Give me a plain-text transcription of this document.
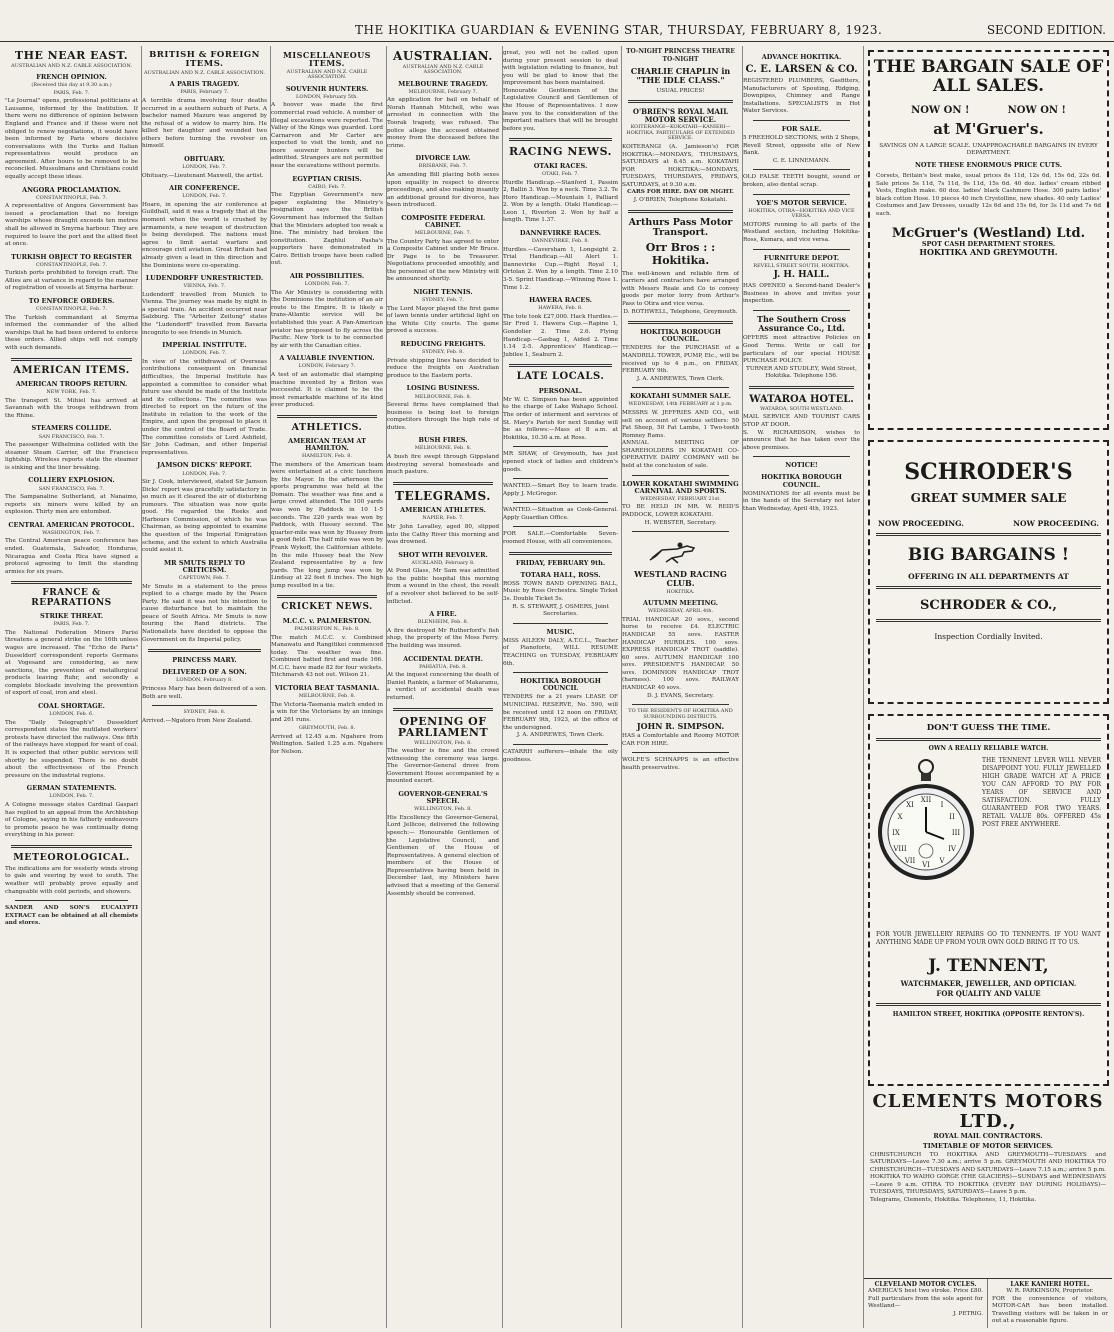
THE HOKITIKA GUARDIAN & EVENING STAR, THURSDAY, FEBRUARY 8, 1923.	SECOND EDITION.
THE NEAR EAST.
AUSTRALIAN AND N.Z. CABLE ASSOCIATION.
FRENCH OPINION.
(Received this day at 9.30 a.m.)
PARIS, Feb. 7.
"Le Journal" opens, professional politicians at Lausanne, informed by the Institution. If there were no difference of opinion between England and France and if these were not obliged to renew negotiations, it would have been informed by Paris where decisive conversations with the Turks and Italian representatives would produce an agreement. After hours to be removed to be reconciled. Mussulmans and Christians could equally accept these ideas.
ANGORA PROCLAMATION.
CONSTANTINOPLE, Feb. 7.
A representative of Angora Government has issued a proclamation that no foreign warships whose draught exceeds ten metres shall be allowed in Smyrna harbour. They are required to leave the port and the allied fleet at once.
TURKISH OBJECT TO REGISTER
CONSTANTINOPLE, Feb. 7.
Turkish ports prohibited to foreign craft. The Allies are at variance in regard to the manner of registration of vessels at Smyrna harbour.
TO ENFORCE ORDERS.
CONSTANTINOPLE, Feb. 7.
The Turkish commandant at Smyrna informed the commander of the allied warships that he had been ordered to enforce these orders. Allied ships will not comply with such demands.
AMERICAN ITEMS.
AMERICAN TROOPS RETURN.
NEW YORK, Feb. 7.
The transport St. Mihiel has arrived at Savannah with the troops withdrawn from the Rhine.
STEAMERS COLLIDE.
SAN FRANCISCO, Feb. 7.
The passenger Wilhelmina collided with the steamer Steam Carrier, off the Francisco lightship. Wireless reports state the steamer is sinking and the liner breaking.
COLLIERY EXPLOSION.
SAN FRANCISCO, Feb. 7.
The Sampanaline Sutherland, at Nanaimo, reports six miners were killed by an explosion. Thirty men are entombed.
CENTRAL AMERICAN PROTOCOL.
WASHINGTON, Feb. 7.
The Central American peace conference has ended. Guatemala, Salvador, Honduras, Nicaragua and Costa Rica have signed a protocol agreeing to limit the standing armies for six years.
FRANCE & REPARATIONS
STRIKE THREAT.
PARIS, Feb. 7.
The National Federation Miners Parisi threatens a general strike on the 16th unless wages are increased. The "Echo de Paris" Dusseldorf correspondent reports Germans at Vogesand are considering, as new sanctions, the prevention of metallurgical products leaving Ruhr, and secondly a complete blockade involving the prevention of export of coal, iron and steel.
COAL SHORTAGE.
LONDON, Feb. 6.
The "Daily Telegraph's" Dusseldorf correspondent states the mutilated workers' protests have directed the railways. One fifth of the railways have stopped for want of coal. It is expected that other public services will shortly be suspended. There is no doubt about the effectiveness of the French pressure on the industrial regions.
GERMAN STATEMENTS.
LONDON, Feb. 7.
A Cologne message states Cardinal Gaspari has replied to an appeal from the Archbishop of Cologne, saying in his fatherly endeavours to promote peace he was continually doing everything in his power.
METEOROLOGICAL.
The indications are for westerly winds strong to gale and veering by west to south. The weather will probably prove squally and changeable with cold periods, and showers.
SANDER AND SON'S EUCALYPTI EXTRACT can be obtained at all chemists and stores.
BRITISH & FOREIGN ITEMS.
AUSTRALIAN AND N.Z. CABLE ASSOCIATION.
A PARIS TRAGEDY.
PARIS, February 7.
A terrible drama involving four deaths occurred in a southern suburb of Paris. A bachelor named Mazure was angered by the refusal of a widow to marry him. He killed her daughter and wounded two others before turning the revolver on himself.
OBITUARY.
LONDON, Feb. 7.
Obituary.—Lieutenant Maxwell, the artist.
AIR CONFERENCE.
LONDON, Feb. 7.
Hoare, in opening the air conference at Guildhall, said it was a tragedy that at the moment when the world is crushed by armaments, a new weapon of destruction is being developed. The nations must agree to limit aerial warfare and encourage civil aviation. Great Britain had already given a lead in this direction and the Dominions were co-operating.
LUDENDORFF UNRESTRICTED.
VIENNA, Feb. 7.
Ludendorff travelled from Munich to Vienna. The journey was made by night in a special train. An accident occurred near Salzburg. The "Arbeiter Zeitung" states the "Ludendorff" travelled from Bavaria incognito to see friends in Munich.
IMPERIAL INSTITUTE.
LONDON, Feb. 7.
In view of the withdrawal of Overseas contributions consequent on financial difficulties, the Imperial Institute has appointed a committee to consider what future use should be made of the Institute and its collections. The committee was directed to report on the future of the Institute in relation to the work of the Empire, and upon the proposal to place it under the control of the Board of Trade. The committee consists of Lord Ashfield, Sir John Cadman, and other Imperial representatives.
JAMSON DICKS' REPORT.
LONDON, Feb. 7.
Sir J. Cook, interviewed, stated Sir Jamson Dicks' report was gracefully satisfactory in so much as it cleared the air of disturbing rumours. The situation was now quite good. He regarded the Reeks and Harbours Commission, of which he was Chairman, as being appointed to examine the question of the Imperial Emigration scheme, and the extent to which Australia could assist it.
MR SMUTS REPLY TO CRITICISM.
CAPETOWN, Feb. 7.
Mr Smuts in a statement to the press replied to a charge made by the Peace Party. He said it was not his intention to cause disturbance but to maintain the peace of South Africa. Mr Smuts is now touring the Rand districts. The Nationalists have decided to oppose the Government on its Imperial policy.
PRINCESS MARY.
DELIVERED OF A SON.
LONDON, February 8.
Princess Mary has been delivered of a son. Both are well.
SYDNEY, Feb. 8.
Arrived.—Ngatoro from New Zealand.
MISCELLANEOUS ITEMS.
AUSTRALIAN AND N.Z. CABLE ASSOCIATION.
SOUVENIR HUNTERS.
LONDON, February 5th.
A hoover was made the first commercial road vehicle. A number of illegal excavations were reported. The Valley of the Kings was guarded. Lord Carnarvon and Mr Carter are expected to visit the tomb, and no more souvenir hunters will be admitted. Strangers are not permitted near the excavations without permits.
EGYPTIAN CRISIS.
CAIRO, Feb. 7.
The Egyptian Government's new paper explaining the Ministry's resignation says the British Government has informed the Sultan that the Ministers adopted too weak a line. The ministry had broken the constitution. Zaghlul Pasha's supporters have demonstrated in Cairo. British troops have been called out.
AIR POSSIBILITIES.
LONDON, Feb. 7.
The Air Ministry is considering with the Dominions the institution of an air route to the Empire. It is likely a trans-Atlantic service will be established this year. A Pan-American aviator has proposed to fly across the Pacific. New York is to be connected by air with the Canadian cities.
A VALUABLE INVENTION.
LONDON, February 7.
A test of an automatic dial stamping machine invented by a Briton was successful. It is claimed to be the most remarkable machine of its kind ever produced.
ATHLETICS.
AMERICAN TEAM AT HAMILTON.
HAMILTON, Feb. 8.
The members of the American team were entertained at a civic luncheon by the Mayor. In the afternoon the sports programme was held at the Domain. The weather was fine and a large crowd attended. The 100 yards was won by Paddock in 10 1-5 seconds. The 220 yards was won by Paddock, with Hussey second. The quarter-mile was won by Hussey from a good field. The half mile was won by Frank Wykoff, the Californian athlete. In the mile Hussey beat the New Zealand representative by a few yards. The long jump was won by Lindsay at 22 feet 6 inches. The high jump resulted in a tie.
CRICKET NEWS.
M.C.C. v. PALMERSTON.
PALMERSTON N., Feb. 8.
The match M.C.C. v. Combined Manawatu and Rangitikei commenced today. The weather was fine. Combined batted first and made 166. M.C.C. have made 82 for four wickets. Titchmarsh 43 not out. Wilson 21.
VICTORIA BEAT TASMANIA.
MELBOURNE, Feb. 8.
The Victoria-Tasmania match ended in a win for the Victorians by an innings and 261 runs.
GREYMOUTH, Feb. 8.
Arrived at 12.45 a.m. Ngahere from Wellington. Sailed 1.25 a.m. Ngahere for Nelson.
AUSTRALIAN.
AUSTRALIAN AND N.Z. CABLE ASSOCIATION.
MELBOURNE TRAGEDY.
MELBOURNE, February 7.
An application for bail on behalf of Norah Hannah Mitchell, who was arrested in connection with the Toorak tragedy, was refused. The police allege the accused obtained money from the deceased before the crime.
DIVORCE LAW.
BRISBANE, Feb. 7.
An amending Bill placing both sexes upon equality in respect to divorce proceedings, and also making insanity an additional ground for divorce, has been introduced.
COMPOSITE FEDERAL CABINET.
MELBOURNE, Feb. 7.
The Country Party has agreed to enter a Composite Cabinet under Mr Bruce. Dr Page is to be Treasurer. Negotiations proceeded smoothly, and the personnel of the new Ministry will be announced shortly.
NIGHT TENNIS.
SYDNEY, Feb. 7.
The Lord Mayor played the first game of lawn tennis under artificial light on the White City courts. The game proved a success.
REDUCING FREIGHTS.
SYDNEY, Feb. 8.
Private shipping lines have decided to reduce the freights on Australian produce to the Eastern ports.
LOSING BUSINESS.
MELBOURNE, Feb. 8.
Several firms have complained that business is being lost to foreign competitors through the high rate of duties.
BUSH FIRES.
MELBOURNE, Feb. 8.
A bush fire swept through Gippsland destroying several homesteads and much pasture.
TELEGRAMS.
AMERICAN ATHLETES.
NAPIER, Feb. 7.
Mr John Lavalley, aged 80, slipped into the Cathy River this morning and was drowned.
SHOT WITH REVOLVER.
AUCKLAND, February 8.
At Pond Glass, Mr Sam was admitted to the public hospital this morning from a wound in the chest, the result of a revolver shot believed to be self-inflicted.
A FIRE.
BLENHEIM, Feb. 8.
A fire destroyed Mr Rutherford's fish shop, the property of the Moss Ferry. The building was insured.
ACCIDENTAL DEATH.
PAHIATUA, Feb. 8.
At the inquest concerning the death of Daniel Rankin, a farmer of Makaramu, a verdict of accidental death was returned.
OPENING OF PARLIAMENT
WELLINGTON, Feb. 8.
The weather is fine and the crowd witnessing the ceremony was large. The Governor-General drove from Government House accompanied by a mounted escort.
GOVERNOR-GENERAL'S SPEECH.
WELLINGTON, Feb. 8.
His Excellency the Governor-General, Lord Jellicoe, delivered the following speech:— Honourable Gentlemen of the Legislative Council, and Gentlemen of the House of Representatives. A general election of members of the House of Representatives having been held in December last, my Ministers have advised that a meeting of the General Assembly should be convened.
great, you will not be called upon during your present session to deal with legislation relating to finance, but you will be glad to know that the improvement has been maintained.
Honourable Gentlemen of the Legislative Council and Gentlemen of the House of Representatives. I now leave you to the consideration of the important matters that will be brought before you.
RACING NEWS.
OTAKI RACES.
OTAKI, Feb. 7.
Hurdle Handicap.—Stanford 1, Passim 2, Ballin 3. Won by a neck. Time 3.2. Te Horo Handicap.—Mountain 1, Palliard 2. Won by a length. Otaki Handicap.—Leon 1, Riverton 2. Won by half a length. Time 1.37.
DANNEVIRKE RACES.
DANNEVIRKE, Feb. 8.
Hurdles.—Caversham 1, Longsight 2. Trial Handicap.—All Alert 1. Dannevirke Cup.—Right Royal 1, Ortolan 2. Won by a length. Time 2.10 3-5. Sprint Handicap.—Winning Rose 1. Time 1.2.
HAWERA RACES.
HAWERA, Feb. 8.
The tote took £27,000. Hack Hurdles.—Sir Fred 1. Hawera Cup.—Rapine 1, Gondolier 2. Time 2.6. Flying Handicap.—Gasbag 1, Aided 2. Time 1.14 2-5. Apprentices' Handicap.—Jubilee 1, Seaburn 2.
LATE LOCALS.
PERSONAL.
Mr W. C. Simpson has been appointed to the charge of Lake Wahapo School. The order of interment and services of St. Mary's Parish for next Sunday will be as follows:—Mass at 8 a.m. at Hokitika, 10.30 a.m. at Ross.
MR SHAW, of Greymouth, has just opened stock of ladies and children's goods.
WANTED.—Smart Boy to learn trade. Apply J. McGregor.
WANTED.—Situation as Cook-General. Apply Guardian Office.
FOR SALE.—Comfortable Seven-roomed House, with all conveniences.
FRIDAY, FEBRUARY 9th.
TOTARA HALL, ROSS.
ROSS TOWN BAND OPENING BALL, Music by Ross Orchestra. Single Ticket 3s. Double Ticket 5s.
R. S. STEWART, J. OSMERS, Joint Secretaries.
MUSIC.
MISS AILEEN DALY, A.T.C.L., Teacher of Pianoforte, WILL RESUME TEACHING on TUESDAY, FEBRUARY 6th.
HOKITIKA BOROUGH COUNCIL
TENDERS for a 21 years LEASE OF MUNICIPAL RESERVE, No. 590, will be received until 12 noon on FRIDAY, FEBRUARY 9th, 1923, at the office of the undersigned.
J. A. ANDREWES, Town Clerk.
CATARRH sufferers—inhale the oily goodness.
TO-NIGHT PRINCESS THEATRE TO-NIGHT
CHARLIE CHAPLIN in "THE IDLE CLASS."
USUAL PRICES!
O'BRIEN'S ROYAL MAIL MOTOR SERVICE.
KOITERANGI—KOKATAHI—KANIERI—HOKITIKA. PARTICULARS OF EXTENDED SERVICE.
KOITERANGI (A. Jamieson's) FOR HOKITIKA:—MONDAYS, THURSDAYS, SATURDAYS at 8.45 a.m. KOKATAHI FOR HOKITIKA:—MONDAYS, TUESDAYS, THURSDAYS, FRIDAYS, SATURDAYS, at 9.30 a.m.
CARS FOR HIRE. DAY OR NIGHT.
J. O'BRIEN, Telephone Kokatahi.
Arthurs Pass Motor Transport.
Orr Bros : : Hokitika.
The well-known and reliable firm of carriers and contractors have arranged with Messrs Reale and Co to convey goods per motor lorry from Arthur's Pass to Otira and vice versa.
D. ROTHWELL, Telephone, Greymouth.
HOKITIKA BOROUGH COUNCIL.
TENDERS for the PURCHASE of a MANDRILL TOWER, PUMP, Etc., will be received up to 4 p.m., on FRIDAY, FEBRUARY 9th.
J. A. ANDREWES, Town Clerk.
KOKATAHI SUMMER SALE.
WEDNESDAY, 14th FEBRUARY at 1 p.m.
MESSRS W. JEFFRIES AND CO., will sell on account of various settlers: 50 Fat Sheep, 50 Fat Lambs, 1 Two-tooth Romney Rams.
ANNUAL MEETING OF SHAREHOLDERS IN KOKATAHI CO-OPERATIVE DAIRY COMPANY will be held at the conclusion of sale.
LOWER KOKATAHI SWIMMING CARNIVAL AND SPORTS.
WEDNESDAY, FEBRUARY 21st.
TO BE HELD IN MR. W. REID'S PADDOCK, LOWER KOKATAHI.
H. WEBSTER, Secretary.
WESTLAND RACING CLUB.
HOKITIKA.
AUTUMN MEETING.
WEDNESDAY, APRIL 4th.
TRIAL HANDICAP. 20 sovs., second horse to receive £4. ELECTRIC HANDICAP. 55 sovs. EASTER HANDICAP HURDLES. 100 sovs. EXPRESS HANDICAP TROT (saddle). 60 sovs. AUTUMN HANDICAP. 100 sovs. PRESIDENT'S HANDICAP. 50 sovs. DOMINION HANDICAP TROT (harness). 100 sovs. RAILWAY HANDICAP. 40 sovs.
D. J. EVANS, Secretary.
TO THE RESIDENTS OF HOKITIKA AND SURROUNDING DISTRICTS.
JOHN R. SIMPSON.
HAS a Comfortable and Roomy MOTOR CAR FOR HIRE.
WOLFE'S SCHNAPPS is an effective health preservative.
ADVANCE HOKITIKA.
C. E. LARSEN & CO.
REGISTERED PLUMBERS, Gasfitters, Manufacturers of Spouting, Ridging, Downpipes, Chimney and Range Installations. SPECIALISTS in Hot Water Services.
FOR SALE.
5 FREEHOLD SECTIONS, with 2 Shops, Revell Street, opposite site of New Bank.
C. E. LINNEMANN.
OLD FALSE TEETH bought, sound or broken, also dental scrap.
YOE'S MOTOR SERVICE.
HOKITIKA, OTIRA—HOKITIKA AND VICE VERSA.
MOTORS running to all parts of the Westland section, including Hokitika-Ross, Kumara, and vice versa.
FURNITURE DEPOT.
REVELL STREET SOUTH, HOKITIKA.
J. H. HALL.
HAS OPENED a Second-hand Dealer's Business in above and invites your inspection.
The Southern Cross Assurance Co., Ltd.
OFFERS most attractive Policies on Good Terms. Write or call for particulars of our special HOUSE PURCHASE POLICY.
TURNER AND STUDLEY, Weld Street, Hokitika. Telephone 156.
WATAROA HOTEL.
WATAROA, SOUTH WESTLAND.
MAIL SERVICE AND TOURIST CARS STOP AT DOOR.
S. W. RICHARDSON, wishes to announce that he has taken over the above premises.
NOTICE!
HOKITIKA BOROUGH COUNCIL.
NOMINATIONS for all events must be in the hands of the Secretary not later than Wednesday, April 4th, 1923.
THE BARGAIN SALE OF ALL SALES.
NOW ON !           NOW ON !
at M'Gruer's.
SAVINGS ON A LARGE SCALE. UNAPPROACHABLE BARGAINS IN EVERY DEPARTMENT.
NOTE THESE ENORMOUS PRICE CUTS.
Corsets, Britain's best make, usual prices 8s 11d, 12s 6d, 15s 6d, 22s 6d. Sale prices 5s 11d, 7s 11d, 9s 11d, 15s 6d. 40 doz. ladies' cream ribbed Vests, English make. 60 doz. ladies' black Cashmere Hose. 300 pairs ladies' black cotton Hose. 10 pieces 40 inch Crystolline, new shades. 40 only Ladies' Costumes and Jaw Dresses, usually 12s 6d and 15s 6d, for 3s 11d and 7s 6d each.
McGruer's (Westland) Ltd.
SPOT CASH DEPARTMENT STORES.
HOKITIKA AND GREYMOUTH.
SCHRODER'S
GREAT SUMMER SALE
NOW PROCEEDING.	NOW PROCEEDING.
BIG BARGAINS !
OFFERING IN ALL DEPARTMENTS AT
SCHRODER & CO.,
Inspection Cordially Invited.
DON'T GUESS THE TIME.
OWN A REALLY RELIABLE WATCH.
XII
III
VI
IX
I
II
IV
V
VII
VIII
X
XI
THE TENNENT LEVER WILL NEVER DISAPPOINT YOU. FULLY JEWELLED HIGH GRADE WATCH AT A PRICE YOU CAN AFFORD TO PAY FOR YEARS OF SERVICE AND SATISFACTION. FULLY GUARANTEED FOR TWO YEARS. RETAIL VALUE 80s. OFFERED 45s POST FREE ANYWHERE.
FOR YOUR JEWELLERY REPAIRS GO TO TENNENTS. IF YOU WANT ANYTHING MADE UP FROM YOUR OWN GOLD BRING IT TO US.
J. TENNENT,
WATCHMAKER, JEWELLER, AND OPTICIAN.
FOR QUALITY AND VALUE
HAMILTON STREET, HOKITIKA (OPPOSITE RENTON'S).
CLEMENTS MOTORS LTD.,
ROYAL MAIL CONTRACTORS.
TIMETABLE OF MOTOR SERVICES.
CHRISTCHURCH TO HOKITIKA AND GREYMOUTH—TUESDAYS and SATURDAYS—Leave 7.30 a.m.; arrive 5 p.m. GREYMOUTH AND HOKITIKA TO CHRISTCHURCH—TUESDAYS AND SATURDAYS—Leave 7.15 a.m.; arrive 5 p.m. HOKITIKA TO WAIHO GORGE (THE GLACIERS)—SUNDAYS and WEDNESDAYS—Leave 9 a.m. OTIRA TO HOKITIKA (EVERY DAY DURING HOLIDAYS)—TUESDAYS, THURSDAYS, SATURDAYS—Leave 5 p.m.
Telegrams, Clements, Hokitika. Telephones, 11, Hokitika.
CLEVELAND MOTOR CYCLES.
AMERICA'S best two stroke. Price £80. Full particulars from the sole agent for Westland—
J. PETRIG.
LAKE KANIERI HOTEL.
W. R. PARKINSON, Proprietor.
FOR the convenience of visitors, MOTOR-CAR has been installed. Travelling visitors will be taken in or out at a reasonable figure.
